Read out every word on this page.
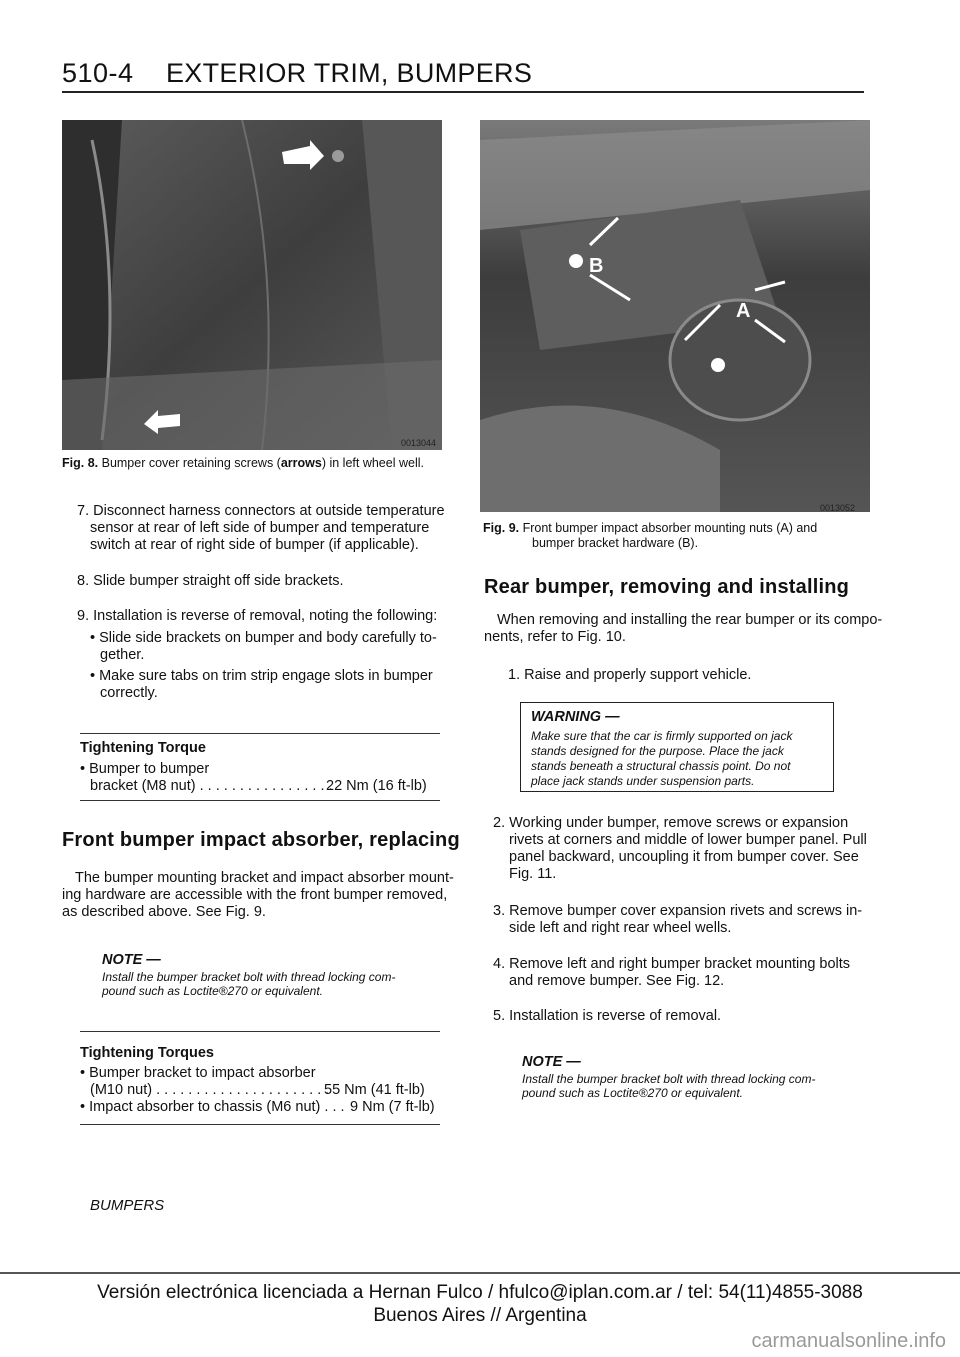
510-4 EXTERIOR TRIM, BUMPERS
0013044
Fig. 8. Bumper cover retaining screws (arrows) in left wheel well.
B
A
0013052
Fig. 9. Front bumper impact absorber mounting nuts (A) and
bumper bracket hardware (B).
7. Disconnect harness connectors at outside temperature
sensor at rear of left side of bumper and temperature
switch at rear of right side of bumper (if applicable).
8. Slide bumper straight off side brackets.
9. Installation is reverse of removal, noting the following:
• Slide side brackets on bumper and body carefully to-
gether.
• Make sure tabs on trim strip engage slots in bumper
correctly.
Tightening Torque
• Bumper to bumper
bracket (M8 nut) . . . . . . . . . . . . . . . . .
22 Nm (16 ft-lb)
Front bumper impact absorber, replacing
The bumper mounting bracket and impact absorber mount-
ing hardware are accessible with the front bumper removed,
as described above. See Fig. 9.
NOTE —
Install the bumper bracket bolt with thread locking com-
pound such as Loctite®270 or equivalent.
Tightening Torques
• Bumper bracket to impact absorber
(M10 nut) . . . . . . . . . . . . . . . . . . . . . .
55 Nm (41 ft-lb)
• Impact absorber to chassis (M6 nut) . . . 9 Nm (7 ft-lb)
Rear bumper, removing and installing
When removing and installing the rear bumper or its compo-
nents, refer to Fig. 10.
1. Raise and properly support vehicle.
WARNING —
Make sure that the car is firmly supported on jack
stands designed for the purpose. Place the jack
stands beneath a structural chassis point. Do not
place jack stands under suspension parts.
2. Working under bumper, remove screws or expansion
rivets at corners and middle of lower bumper panel. Pull
panel backward, uncoupling it from bumper cover. See
Fig. 11.
3. Remove bumper cover expansion rivets and screws in-
side left and right rear wheel wells.
4. Remove left and right bumper bracket mounting bolts
and remove bumper. See Fig. 12.
5. Installation is reverse of removal.
NOTE —
Install the bumper bracket bolt with thread locking com-
pound such as Loctite®270 or equivalent.
BUMPERS
Versión electrónica licenciada a Hernan Fulco / hfulco@iplan.com.ar / tel: 54(11)4855-3088
Buenos Aires // Argentina
carmanualsonline.info
